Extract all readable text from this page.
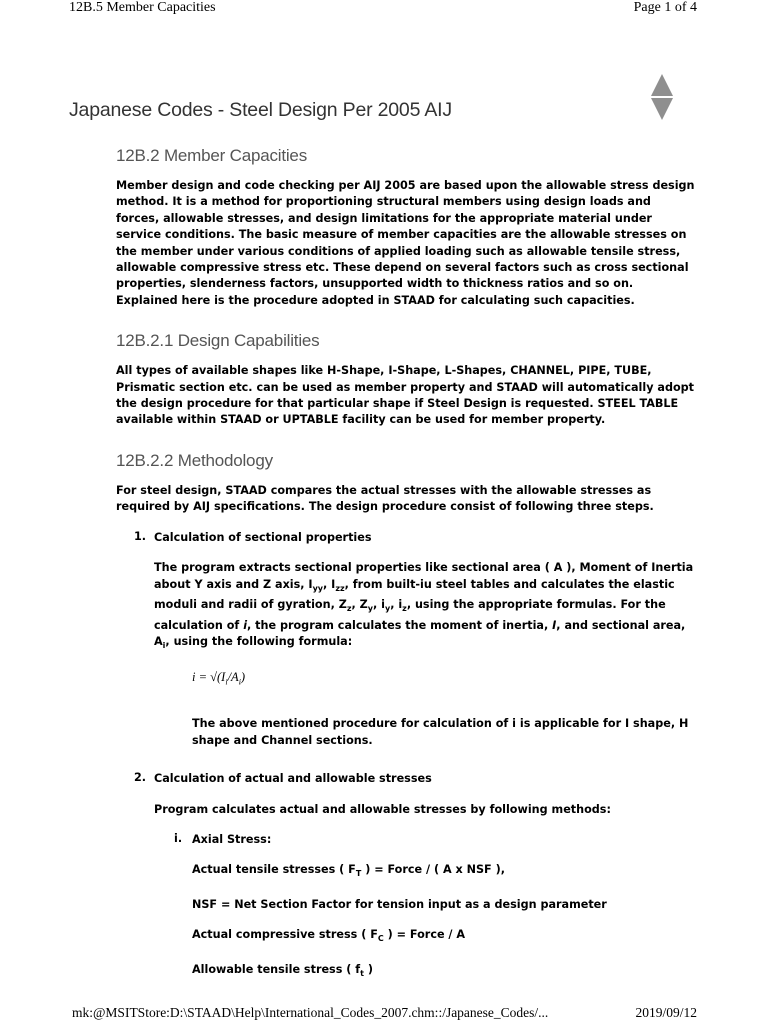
12B.5 Member Capacities	Page 1 of 4
Japanese Codes - Steel Design Per 2005 AIJ
12B.2 Member Capacities

Member design and code checking per AIJ 2005 are based upon the allowable stress design method. It is a method for proportioning structural members using design loads and forces, allowable stresses, and design limitations for the appropriate material under service conditions. The basic measure of member capacities are the allowable stresses on the member under various conditions of applied loading such as allowable tensile stress, allowable compressive stress etc. These depend on several factors such as cross sectional properties, slenderness factors, unsupported width to thickness ratios and so on. Explained here is the procedure adopted in STAAD for calculating such capacities.

12B.2.1 Design Capabilities

All types of available shapes like H-Shape, I-Shape, L-Shapes, CHANNEL, PIPE, TUBE, Prismatic section etc. can be used as member property and STAAD will automatically adopt the design procedure for that particular shape if Steel Design is requested. STEEL TABLE available within STAAD or UPTABLE facility can be used for member property.

12B.2.2 Methodology

For steel design, STAAD compares the actual stresses with the allowable stresses as required by AIJ specifications. The design procedure consist of following three steps.

1. Calculation of sectional properties

The program extracts sectional properties like sectional area ( A ), Moment of Inertia about Y axis and Z axis, $I_{yy}$, $I_{zz}$, from built-iu steel tables and calculates the elastic moduli and radii of gyration, $Z_z$, $Z_y$, $i_y$, $i_z$, using the appropriate formulas. For the calculation of i, the program calculates the moment of inertia, I, and sectional area, $A_i$, using the following formula:

$i = √(I_i/A_i)$

The above mentioned procedure for calculation of i is applicable for I shape, H shape and Channel sections.

2. Calculation of actual and allowable stresses

Program calculates actual and allowable stresses by following methods:

i. Axial Stress:

Actual tensile stresses ( $F_T$ ) = Force / ( A x NSF ),

NSF = Net Section Factor for tension input as a design parameter

Actual compressive stress ( $F_C$ ) = Force / A

Allowable tensile stress ( $f_t$ )

mk:@MSITStore:D:\STAAD\Help\International_Codes_2007.chm::/Japanese_Codes/...	2019/09/12
